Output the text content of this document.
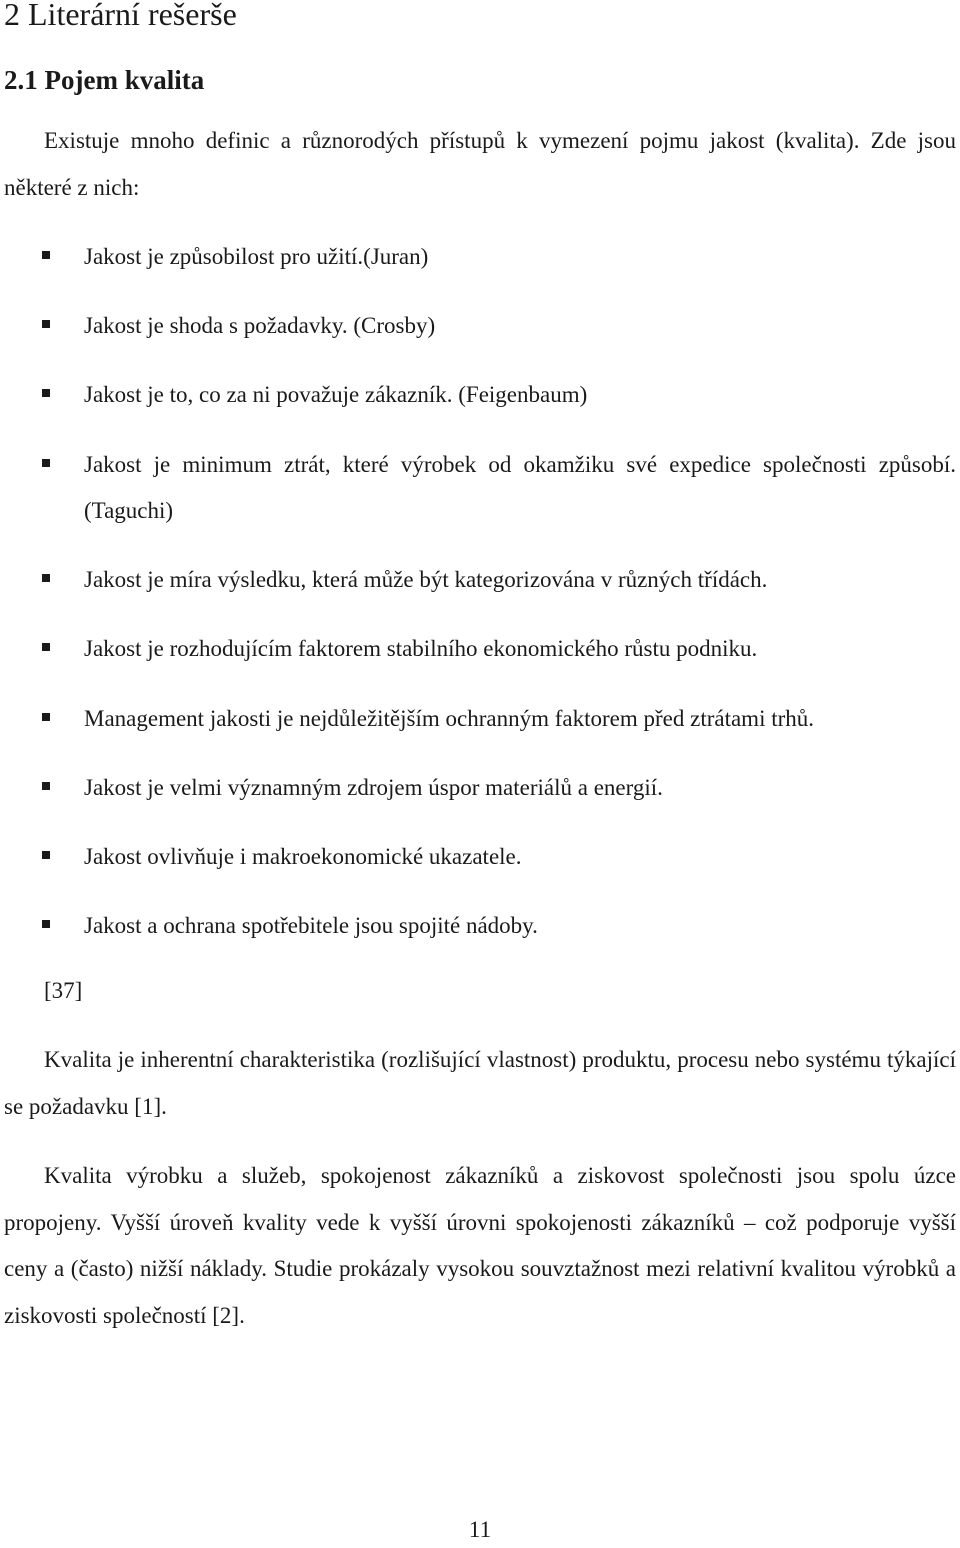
2 Literární rešerše
2.1 Pojem kvalita

Existuje mnoho definic a různorodých přístupů k vymezení pojmu jakost (kvalita). Zde jsou některé z nich:

Jakost je způsobilost pro užití.(Juran)
Jakost je shoda s požadavky. (Crosby)
Jakost je to, co za ni považuje zákazník. (Feigenbaum)
Jakost je minimum ztrát, které výrobek od okamžiku své expedice společnosti způsobí. (Taguchi)
Jakost je míra výsledku, která může být kategorizována v různých třídách.
Jakost je rozhodujícím faktorem stabilního ekonomického růstu podniku.
Management jakosti je nejdůležitějším ochranným faktorem před ztrátami trhů.
Jakost je velmi významným zdrojem úspor materiálů a energií.
Jakost ovlivňuje i makroekonomické ukazatele.
Jakost a ochrana spotřebitele jsou spojité nádoby.

[37]

Kvalita je inherentní charakteristika (rozlišující vlastnost) produktu, procesu nebo systému týkající se požadavku [1].

Kvalita výrobku a služeb, spokojenost zákazníků a ziskovost společnosti jsou spolu úzce propojeny. Vyšší úroveň kvality vede k vyšší úrovni spokojenosti zákazníků – což podporuje vyšší ceny a (často) nižší náklady. Studie prokázaly vysokou souvztažnost mezi relativní kvalitou výrobků a ziskovosti společností [2].

11
